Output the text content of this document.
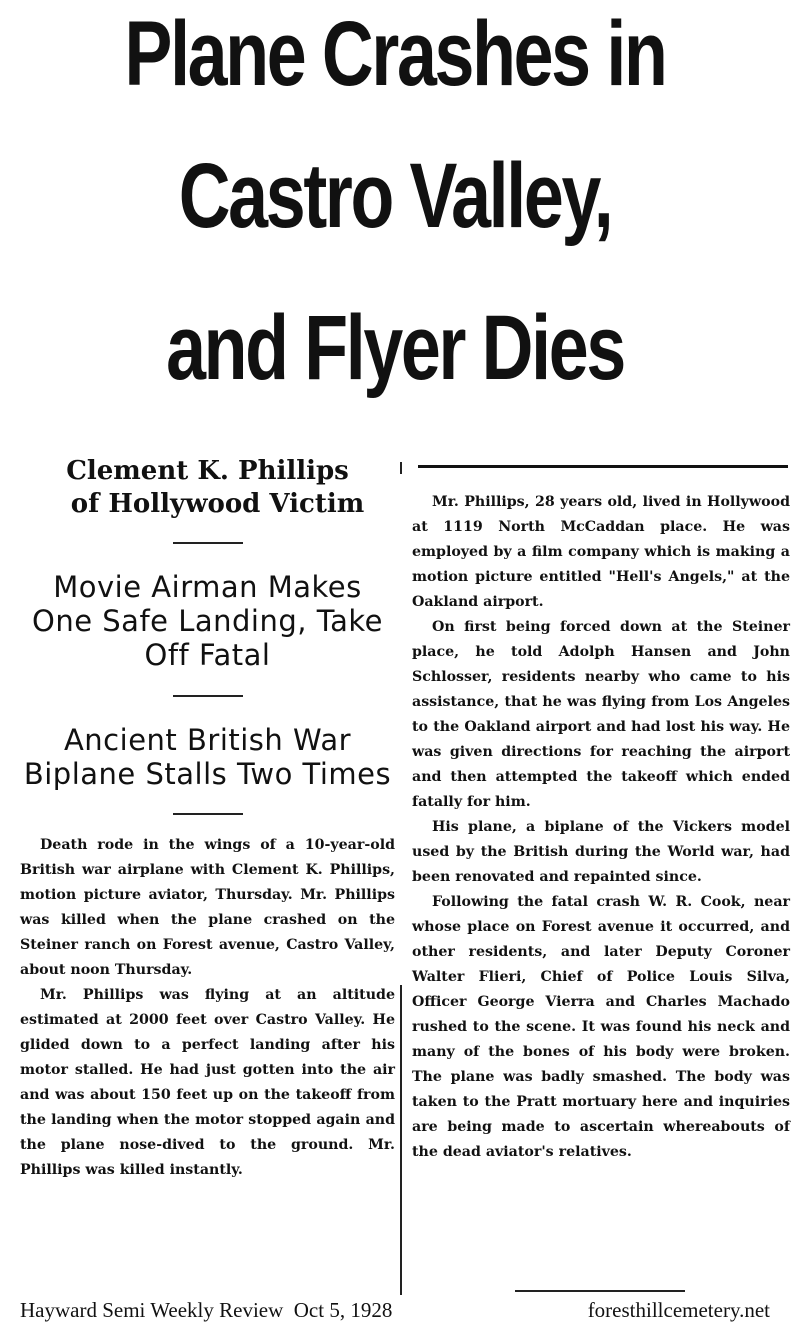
Plane Crashes in
Castro Valley,
and Flyer Dies

Clement K. Phillips
of Hollywood Victim

Movie Airman Makes One Safe Landing, Take Off Fatal

Ancient British War Biplane Stalls Two Times

Death rode in the wings of a 10-year-old British war airplane with Clement K. Phillips, motion picture aviator, Thursday. Mr. Phillips was killed when the plane crashed on the Steiner ranch on Forest avenue, Castro Valley, about noon Thursday.

Mr. Phillips was flying at an altitude estimated at 2000 feet over Castro Valley. He glided down to a perfect landing after his motor stalled. He had just gotten into the air and was about 150 feet up on the takeoff from the landing when the motor stopped again and the plane nose-dived to the ground. Mr. Phillips was killed instantly.

Mr. Phillips, 28 years old, lived in Hollywood at 1119 North McCaddan place. He was employed by a film company which is making a motion picture entitled "Hell's Angels," at the Oakland airport.

On first being forced down at the Steiner place, he told Adolph Hansen and John Schlosser, residents nearby who came to his assistance, that he was flying from Los Angeles to the Oakland airport and had lost his way. He was given directions for reaching the airport and then attempted the takeoff which ended fatally for him.

His plane, a biplane of the Vickers model used by the British during the World war, had been renovated and repainted since.

Following the fatal crash W. R. Cook, near whose place on Forest avenue it occurred, and other residents, and later Deputy Coroner Walter Flieri, Chief of Police Louis Silva, Officer George Vierra and Charles Machado rushed to the scene. It was found his neck and many of the bones of his body were broken. The plane was badly smashed. The body was taken to the Pratt mortuary here and inquiries are being made to ascertain whereabouts of the dead aviator's relatives.

Hayward Semi Weekly Review  Oct 5, 1928	foresthillcemetery.net
